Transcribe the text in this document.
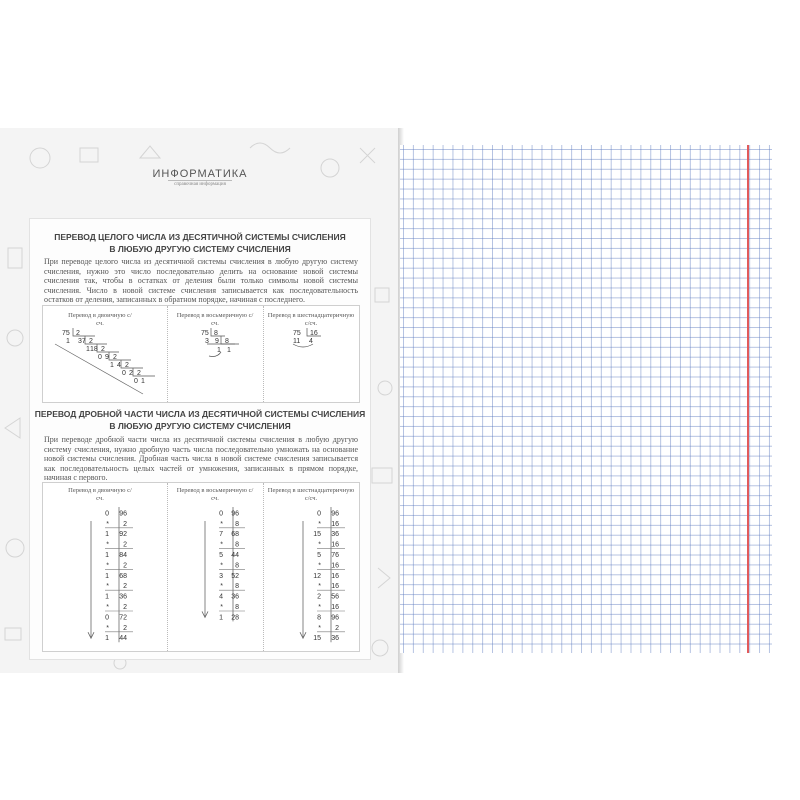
ИНФОРМАТИКА
справочная информация
ПЕРЕВОД ЦЕЛОГО ЧИСЛА ИЗ ДЕСЯТИЧНОЙ СИСТЕМЫ СЧИСЛЕНИЯ
В ЛЮБУЮ ДРУГУЮ СИСТЕМУ СЧИСЛЕНИЯ
При переводе целого числа из десятичной системы счисления в любую другую систему счисления, нужно это число последовательно делить на основание новой системы счисления так, чтобы в остатках от деления были только символы новой системы счисления. Число в новой системе счисления записывается как последовательность остатков от деления, записанных в обратном порядке, начиная с последнего.
Перевод в двоичную с/сч.
75 2
1 37 2
1 18 2
0 9 2
1 4 2
0 2 2
0 1
Перевод в восьмеричную с/сч.
75 8
3 9 8
1 1
Перевод в шестнадцатеричную с/сч.
75 16
11 4
ПЕРЕВОД ДРОБНОЙ ЧАСТИ ЧИСЛА ИЗ ДЕСЯТИЧНОЙ СИСТЕМЫ СЧИСЛЕНИЯ
В ЛЮБУЮ ДРУГУЮ СИСТЕМУ СЧИСЛЕНИЯ
При переводе дробной части числа из десятичной системы счисления в любую другую систему счисления, нужно дробную часть числа последовательно умножать на основание новой системы счисления. Дробная часть числа в новой системе счисления записывается как последовательность целых частей от умножения, записанных в прямом порядке, начиная с первого.
Перевод в двоичную с/сч.
0 96
* 2
1 92
* 2
1 84
* 2
1 68
* 2
1 36
* 2
0 72
* 2
1 44
Перевод в восьмеричную с/сч.
0 96
* 8
7 68
* 8
5 44
* 8
3 52
* 8
4 36
* 8
1 28
Перевод в шестнадцатеричную с/сч.
0 96
* 16
15 36
* 16
5 76
* 16
12 16
* 16
2 56
* 16
8 96
* 2
15 36
